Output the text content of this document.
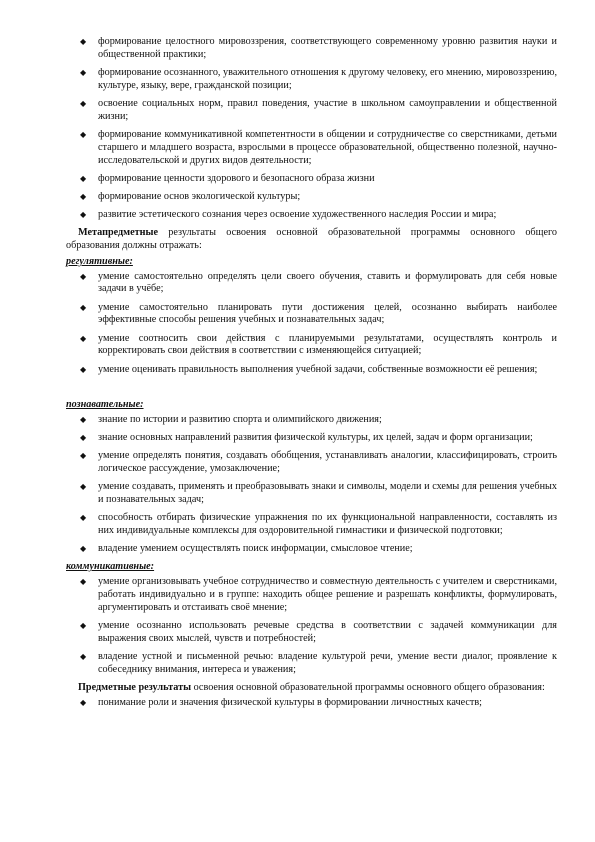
◆ формирование целостного мировоззрения, соответствующего современному уровню развития науки и общественной практики;
◆ формирование осознанного, уважительного отношения к другому человеку, его мнению, мировоззрению, культуре, языку, вере, гражданской позиции;
◆ освоение социальных норм, правил поведения, участие в школьном самоуправлении и общественной жизни;
◆ формирование коммуникативной компетентности в общении и сотрудничестве со сверстниками, детьми старшего и младшего возраста, взрослыми в процессе образовательной, общественно полезной, научно-исследовательской и других видов деятельности;
◆ формирование ценности здорового и безопасного образа жизни
◆ формирование основ экологической культуры;
◆ развитие эстетического сознания через освоение художественного наследия России и мира;

Метапредметные результаты освоения основной образовательной программы основного общего образования должны отражать:

регулятивные:
◆ умение самостоятельно определять цели своего обучения, ставить и формулировать для себя новые задачи в учёбе;
◆ умение самостоятельно планировать пути достижения целей, осознанно выбирать наиболее эффективные способы решения учебных и познавательных задач;
◆ умение соотносить свои действия с планируемыми результатами, осуществлять контроль и корректировать свои действия в соответствии с изменяющейся ситуацией;
◆ умение оценивать правильность выполнения учебной задачи, собственные возможности её решения;
познавательные:
◆ знание по истории и развитию спорта и олимпийского движения;
◆ знание основных направлений развития физической культуры, их целей, задач и форм организации;
◆ умение определять понятия, создавать обобщения, устанавливать аналогии, классифицировать, строить логическое рассуждение, умозаключение;
◆ умение создавать, применять и преобразовывать знаки и символы, модели и схемы для решения учебных и познавательных задач;
◆ способность отбирать физические упражнения по их функциональной направленности, составлять из них индивидуальные комплексы для оздоровительной гимнастики и физической подготовки;
◆ владение умением осуществлять поиск информации, смысловое чтение;
коммуникативные:
◆ умение организовывать учебное сотрудничество и совместную деятельность с учителем и сверстниками, работать индивидуально и в группе: находить общее решение и разрешать конфликты, формулировать, аргументировать и отстаивать своё мнение;
◆ умение осознанно использовать речевые средства в соответствии с задачей коммуникации для выражения своих мыслей, чувств и потребностей;
◆ владение устной и письменной речью: владение культурой речи, умение вести диалог, проявление к собеседнику внимания, интереса и уважения;

Предметные результаты освоения основной образовательной программы основного общего образования:

◆ понимание роли и значения физической культуры в формировании личностных качеств;
